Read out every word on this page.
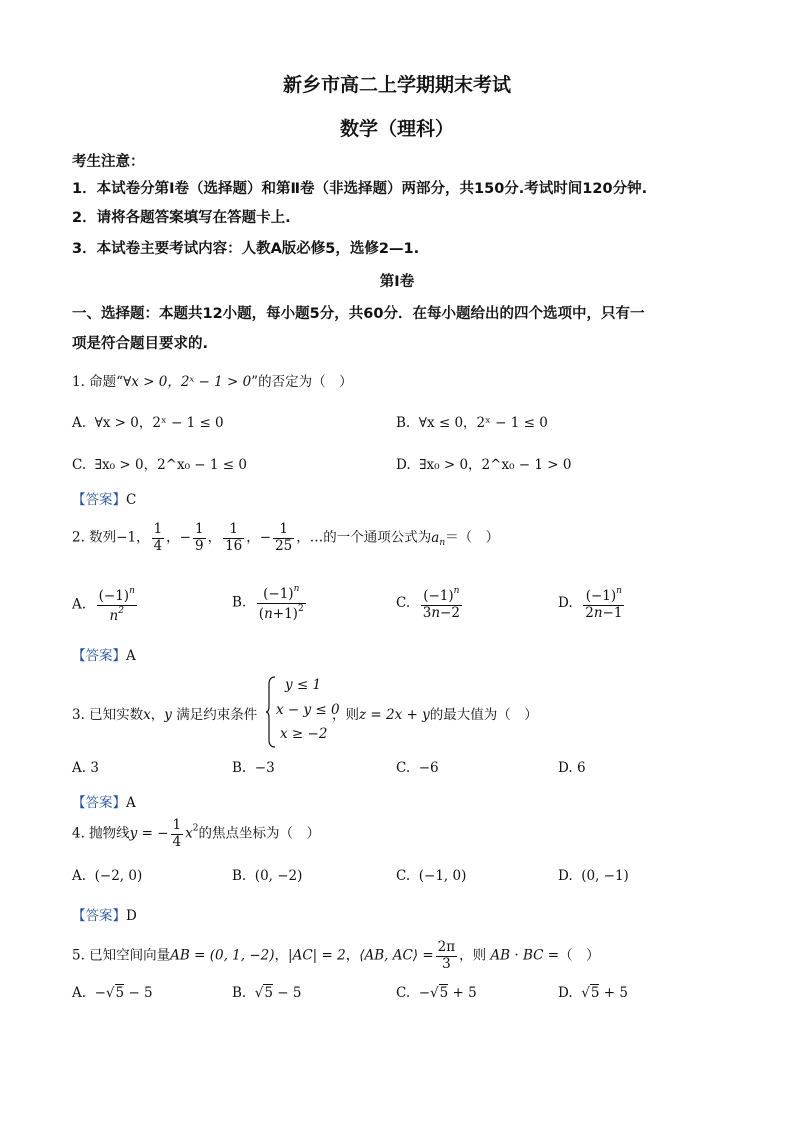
新乡市高二上学期期末考试
数学（理科）
考生注意：
1．本试卷分第Ⅰ卷（选择题）和第Ⅱ卷（非选择题）两部分，共150分.考试时间120分钟.
2．请将各题答案填写在答题卡上.
3．本试卷主要考试内容：人教A版必修5，选修2—1.
第Ⅰ卷
一、选择题：本题共12小题，每小题5分，共60分．在每小题给出的四个选项中，只有一
项是符合题目要求的.
1. 命题“∀x > 0，2ˣ − 1 > 0”的否定为（　）
A.  ∀x > 0，2ˣ − 1 ≤ 0	B.  ∀x ≤ 0，2ˣ − 1 ≤ 0
C.  ∃x₀ > 0，2^x₀ − 1 ≤ 0	D.  ∃x₀ > 0，2^x₀ − 1 > 0
【答案】C
2. 数列−1， $\frac{1}{4}$ ，− $\frac{1}{9}$ ， $\frac{1}{16}$ ，− $\frac{1}{25}$ ，…的一个通项公式为$a_n=$（　）
A. $\frac{(-1)^n}{n^2}$	B. $\frac{(-1)^n}{(n+1)^2}$	C. $\frac{(-1)^n}{3n-2}$	D. $\frac{(-1)^n}{2n-1}$
【答案】A
3. 已知实数x，y 满足约束条件
y ≤ 1
x − y ≤ 0
x ≥ −2
，则z = 2x + y的最大值为（　）
A. 3	B.  −3	C.  −6	D. 6
【答案】A
4. 抛物线y = − $\frac{1}{4} x^2$的焦点坐标为（　）
A.  (−2, 0)	B.  (0, −2)	C.  (−1, 0)	D.  (0, −1)
【答案】D
5. 已知空间向量AB = (0, 1, −2)，|AC| = 2，⟨AB, AC⟩ = $\frac{2\pi}{3}$ ，则 AB · BC =（　）
A.  −√5 − 5	B.  √5 − 5	C.  −√5 + 5	D.  √5 + 5
